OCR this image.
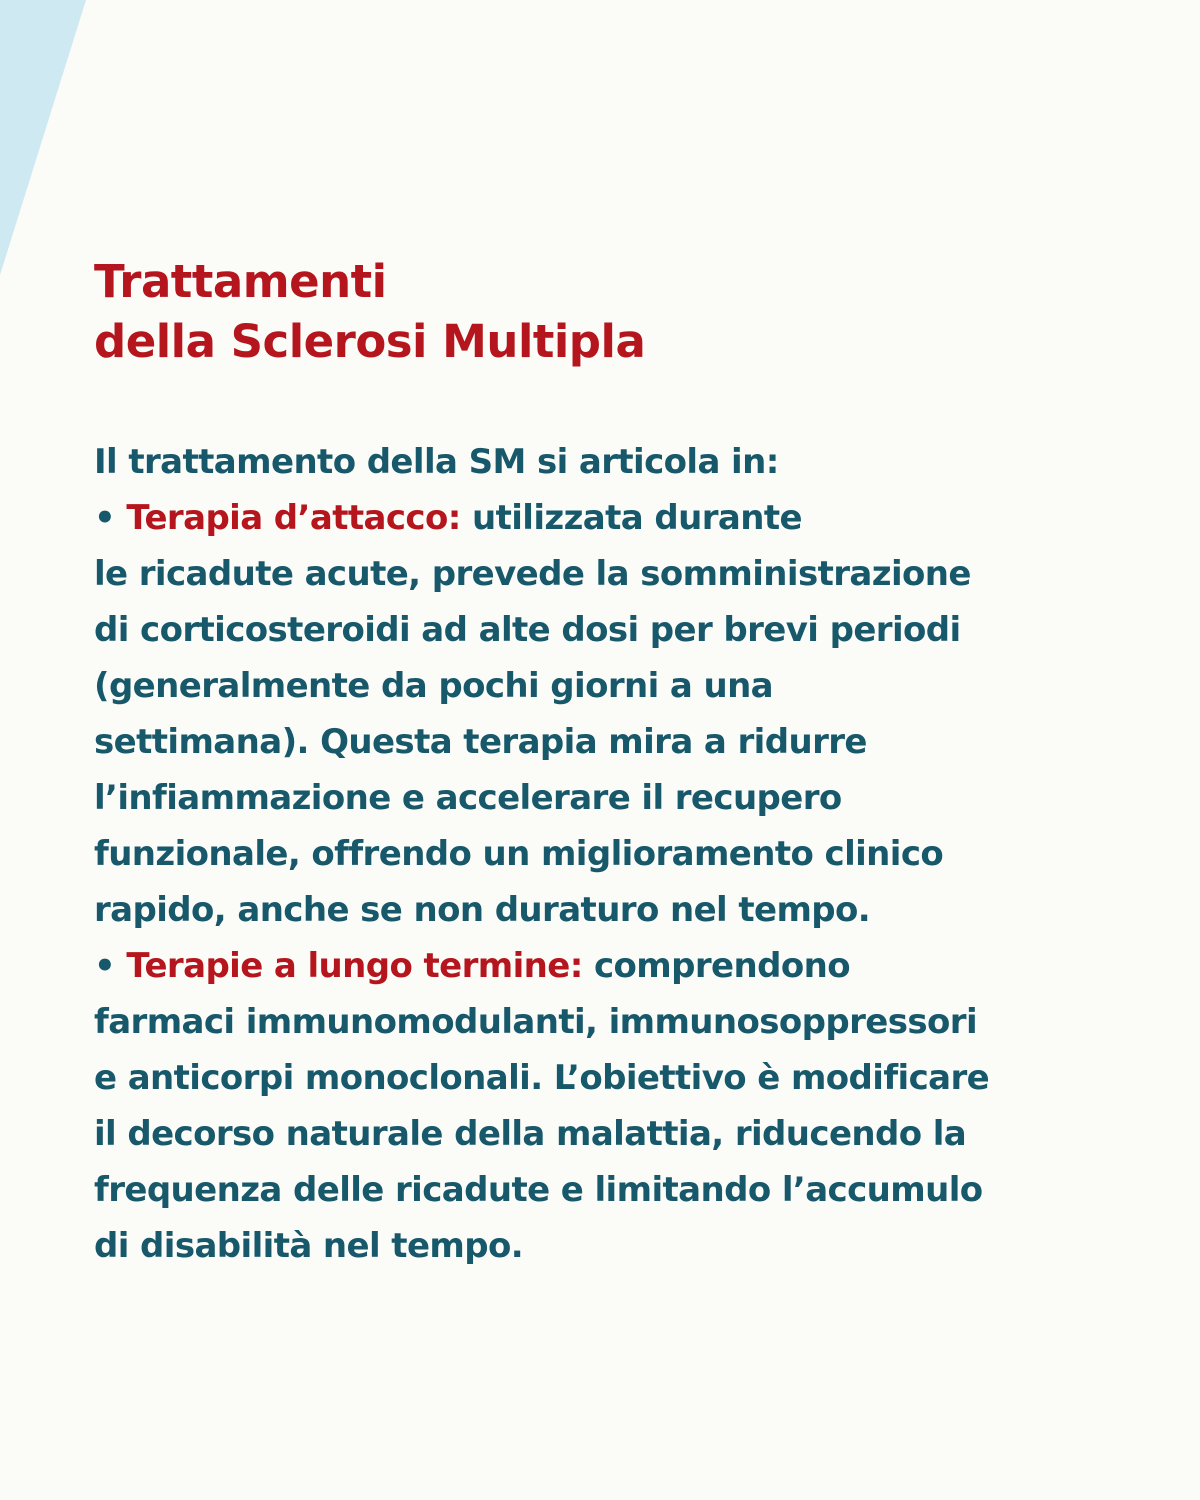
Trattamenti
della Sclerosi Multipla
Il trattamento della SM si articola in:
• Terapia d’attacco: utilizzata durante
le ricadute acute, prevede la somministrazione
di corticosteroidi ad alte dosi per brevi periodi
(generalmente da pochi giorni a una
settimana). Questa terapia mira a ridurre
l’infiammazione e accelerare il recupero
funzionale, offrendo un miglioramento clinico
rapido, anche se non duraturo nel tempo.
• Terapie a lungo termine: comprendono
farmaci immunomodulanti, immunosoppressori
e anticorpi monoclonali. L’obiettivo è modificare
il decorso naturale della malattia, riducendo la
frequenza delle ricadute e limitando l’accumulo
di disabilità nel tempo.
